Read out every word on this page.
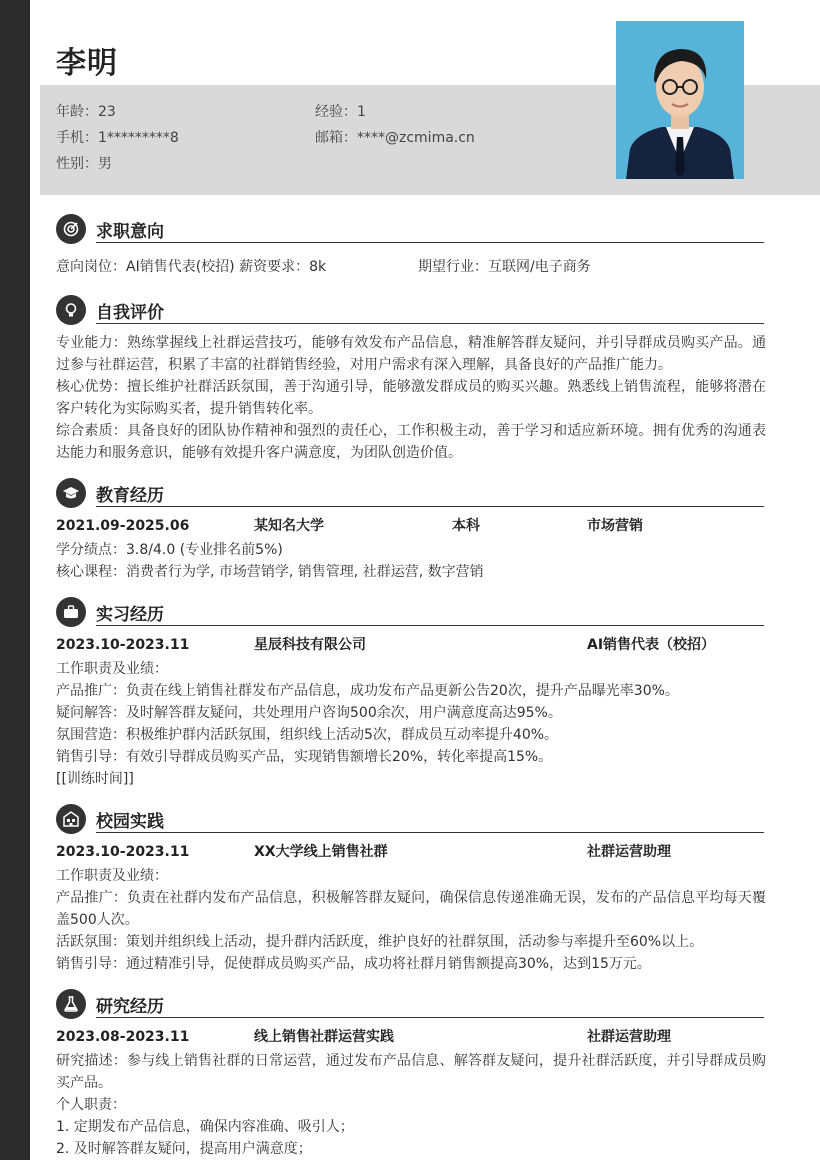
李明
年龄：23	经验：1
手机：1*********8	邮箱：****@zcmima.cn
性别：男
求职意向
意向岗位：AI销售代表(校招) 薪资要求：8k	期望行业：互联网/电子商务
自我评价
专业能力：熟练掌握线上社群运营技巧，能够有效发布产品信息，精准解答群友疑问，并引导群成员购买产品。通过参与社群运营，积累了丰富的社群销售经验，对用户需求有深入理解，具备良好的产品推广能力。
核心优势：擅长维护社群活跃氛围，善于沟通引导，能够激发群成员的购买兴趣。熟悉线上销售流程，能够将潜在客户转化为实际购买者，提升销售转化率。
综合素质：具备良好的团队协作精神和强烈的责任心，工作积极主动，善于学习和适应新环境。拥有优秀的沟通表达能力和服务意识，能够有效提升客户满意度，为团队创造价值。
教育经历
2021.09-2025.06	某知名大学	本科	市场营销
学分绩点：3.8/4.0 (专业排名前5%)
核心课程：消费者行为学, 市场营销学, 销售管理, 社群运营, 数字营销
实习经历
2023.10-2023.11	星辰科技有限公司	AI销售代表（校招）
工作职责及业绩：
产品推广：负责在线上销售社群发布产品信息，成功发布产品更新公告20次，提升产品曝光率30%。
疑问解答：及时解答群友疑问，共处理用户咨询500余次，用户满意度高达95%。
氛围营造：积极维护群内活跃氛围，组织线上活动5次，群成员互动率提升40%。
销售引导：有效引导群成员购买产品，实现销售额增长20%，转化率提高15%。
[[训练时间]]
校园实践
2023.10-2023.11	XX大学线上销售社群	社群运营助理
工作职责及业绩：
产品推广：负责在社群内发布产品信息，积极解答群友疑问，确保信息传递准确无误，发布的产品信息平均每天覆盖500人次。
活跃氛围：策划并组织线上活动，提升群内活跃度，维护良好的社群氛围，活动参与率提升至60%以上。
销售引导：通过精准引导，促使群成员购买产品，成功将社群月销售额提高30%，达到15万元。
研究经历
2023.08-2023.11	线上销售社群运营实践	社群运营助理
研究描述：参与线上销售社群的日常运营，通过发布产品信息、解答群友疑问，提升社群活跃度，并引导群成员购买产品。
个人职责：
1. 定期发布产品信息，确保内容准确、吸引人；
2. 及时解答群友疑问，提高用户满意度；
